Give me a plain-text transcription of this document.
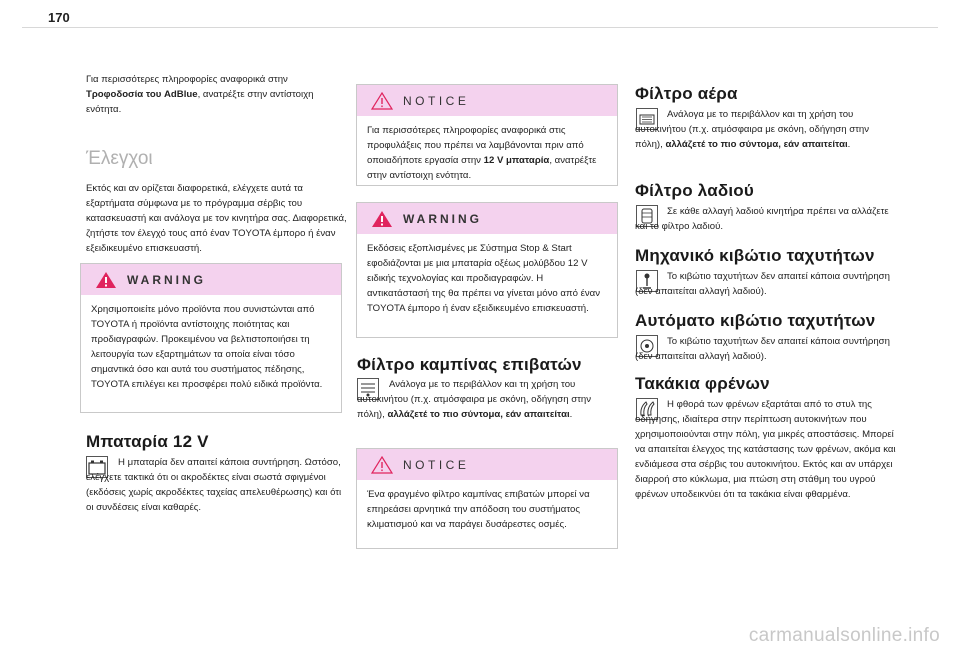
170

Για περισσότερες πληροφορίες αναφορικά στην Τροφοδοσία του AdBlue, ανατρέξτε στην αντίστοιχη ενότητα.

Έλεγχοι

Εκτός και αν ορίζεται διαφορετικά, ελέγχετε αυτά τα εξαρτήματα σύμφωνα με το πρόγραμμα σέρβις του κατασκευαστή και ανάλογα με τον κινητήρα σας. Διαφορετικά, ζητήστε τον έλεγχό τους από έναν TOYOTA έμπορο ή έναν εξειδικευμένο επισκευαστή.

WARNING

Χρησιμοποιείτε μόνο προϊόντα που συνιστώνται από TOYOTA ή προϊόντα αντίστοιχης ποιότητας και προδιαγραφών. Προκειμένου να βελτιστοποιήσει τη λειτουργία των εξαρτημάτων τα οποία είναι τόσο σημαντικά όσο και αυτά του συστήματος πέδησης, TOYOTA επιλέγει κει προσφέρει πολύ ειδικά προϊόντα.

Μπαταρία 12 V

Η μπαταρία δεν απαιτεί κάποια συντήρηση. Ωστόσο, ελέγχετε τακτικά ότι οι ακροδέκτες είναι σωστά σφιγμένοι (εκδόσεις χωρίς ακροδέκτες ταχείας απελευθέρωσης) και ότι οι συνδέσεις είναι καθαρές.

NOTICE

Για περισσότερες πληροφορίες αναφορικά στις προφυλάξεις που πρέπει να λαμβάνονται πριν από οποιαδήποτε εργασία στην 12 V μπαταρία, ανατρέξτε στην αντίστοιχη ενότητα.

WARNING

Εκδόσεις εξοπλισμένες με Σύστημα Stop & Start εφοδιάζονται με μια μπαταρία οξέως μολύβδου 12 V ειδικής τεχνολογίας και προδιαγραφών. Η αντικατάστασή της θα πρέπει να γίνεται μόνο από έναν TOYOTA έμπορο ή έναν εξειδικευμένο επισκευαστή.

Φίλτρο καμπίνας επιβατών

Ανάλογα με το περιβάλλον και τη χρήση του αυτοκινήτου (π.χ. ατμόσφαιρα με σκόνη, οδήγηση στην πόλη), αλλάζετέ το πιο σύντομα, εάν απαιτείται.

NOTICE

Ένα φραγμένο φίλτρο καμπίνας επιβατών μπορεί να επηρεάσει αρνητικά την απόδοση του συστήματος κλιματισμού και να παράγει δυσάρεστες οσμές.

Φίλτρο αέρα

Ανάλογα με το περιβάλλον και τη χρήση του αυτοκινήτου (π.χ. ατμόσφαιρα με σκόνη, οδήγηση στην πόλη), αλλάζετέ το πιο σύντομα, εάν απαιτείται.

Φίλτρο λαδιού

Σε κάθε αλλαγή λαδιού κινητήρα πρέπει να αλλάζετε και το φίλτρο λαδιού.

Μηχανικό κιβώτιο ταχυτήτων

Το κιβώτιο ταχυτήτων δεν απαιτεί κάποια συντήρηση (δεν απαιτείται αλλαγή λαδιού).

Αυτόματο κιβώτιο ταχυτήτων

Το κιβώτιο ταχυτήτων δεν απαιτεί κάποια συντήρηση (δεν απαιτείται αλλαγή λαδιού).

Τακάκια φρένων

Η φθορά των φρένων εξαρτάται από το στυλ της οδήγησης, ιδιαίτερα στην περίπτωση αυτοκινήτων που χρησιμοποιούνται στην πόλη, για μικρές αποστάσεις. Μπορεί να απαιτείται έλεγχος της κατάστασης των φρένων, ακόμα και ενδιάμεσα στα σέρβις του αυτοκινήτου. Εκτός και αν υπάρχει διαρροή στο κύκλωμα, μια πτώση στη στάθμη του υγρού φρένων υποδεικνύει ότι τα τακάκια είναι φθαρμένα.

carmanualsonline.info
